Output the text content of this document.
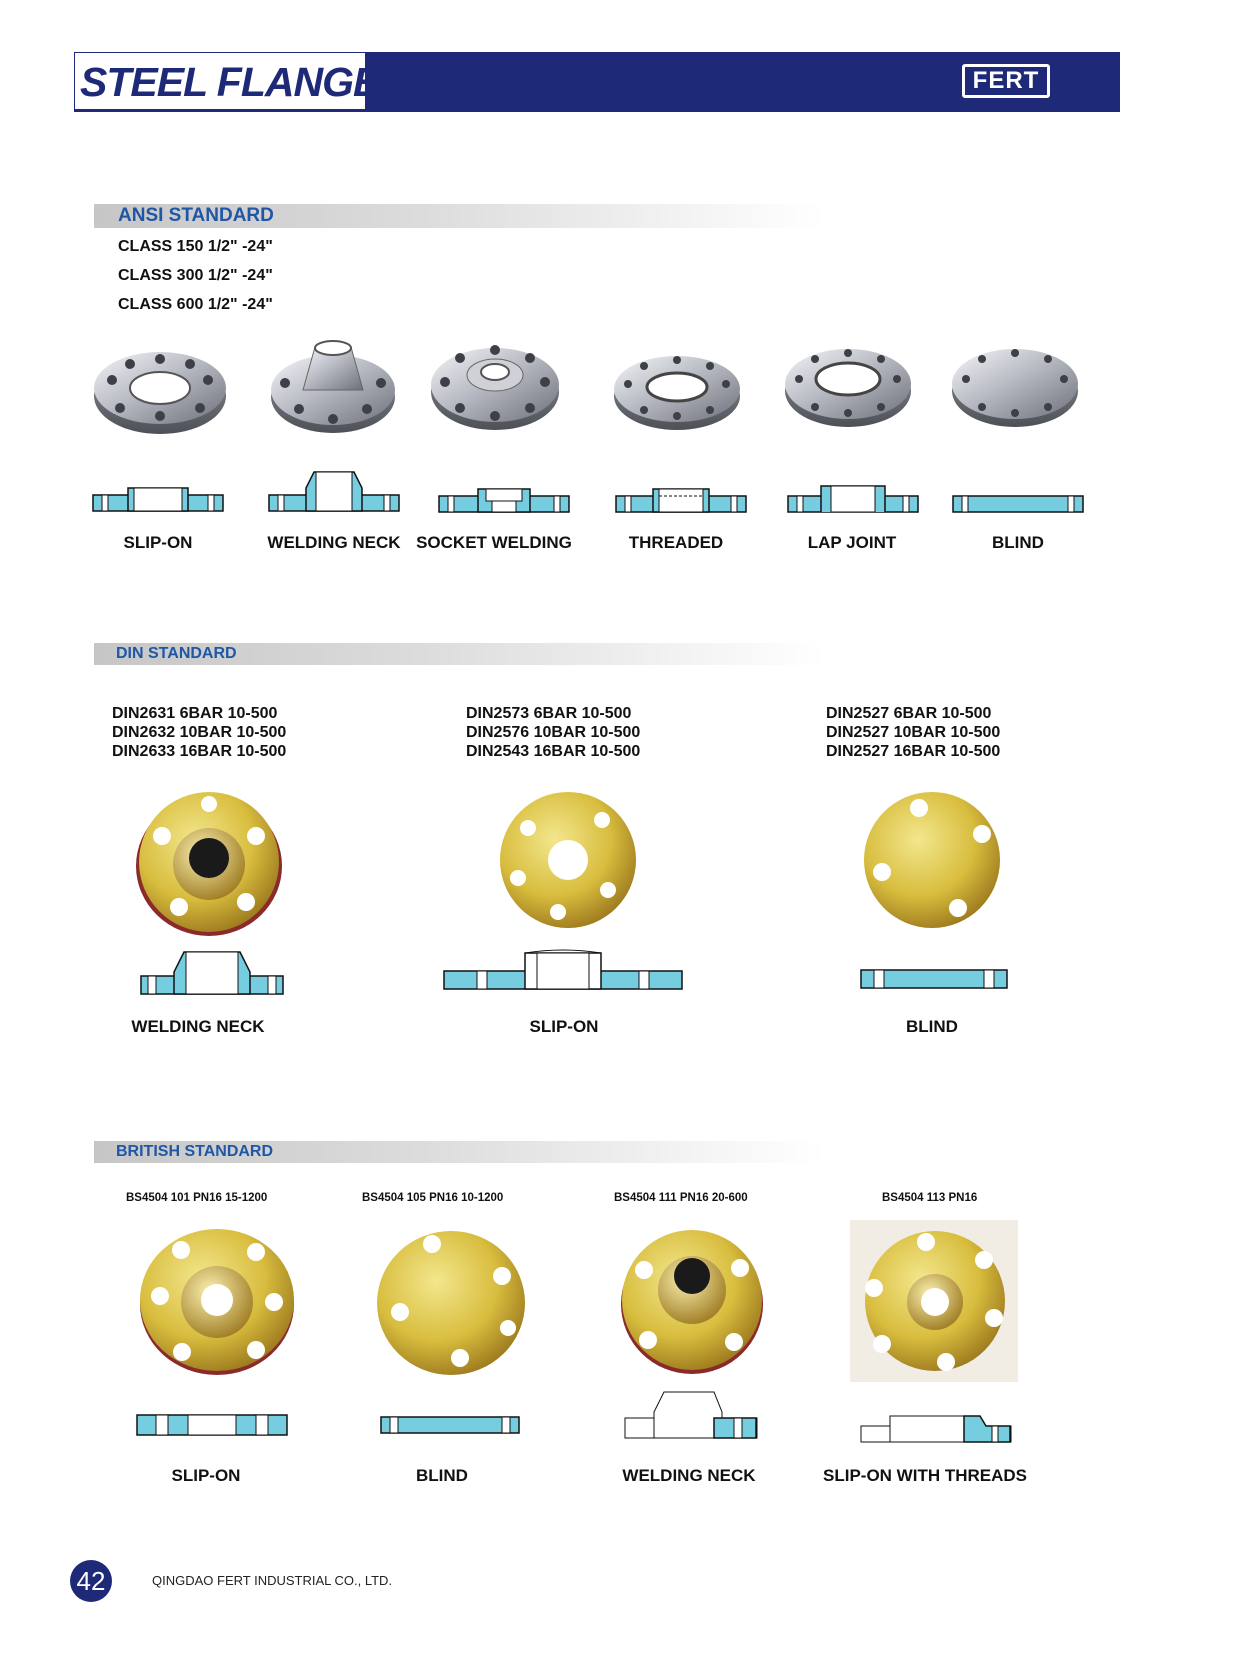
STEEL FLANGE	FERT
ANSI STANDARD
CLASS 150 1/2" -24"
CLASS 300 1/2" -24"
CLASS 600 1/2" -24"
SLIP-ON	WELDING NECK SOCKET WELDING	THREADED	LAP JOINT	BLIND
DIN STANDARD
DIN2631 6BAR 10-500
DIN2632 10BAR 10-500
DIN2633 16BAR 10-500
DIN2573 6BAR 10-500
DIN2576 10BAR 10-500
DIN2543 16BAR 10-500
DIN2527 6BAR 10-500
DIN2527 10BAR 10-500
DIN2527 16BAR 10-500
WELDING NECK	SLIP-ON	BLIND
BRITISH STANDARD
BS4504 101 PN16 15-1200	BS4504 105 PN16 10-1200	BS4504 111 PN16 20-600	BS4504 113 PN16
SLIP-ON	BLIND	WELDING NECK	SLIP-ON WITH THREADS
42	QINGDAO FERT INDUSTRIAL CO., LTD.
